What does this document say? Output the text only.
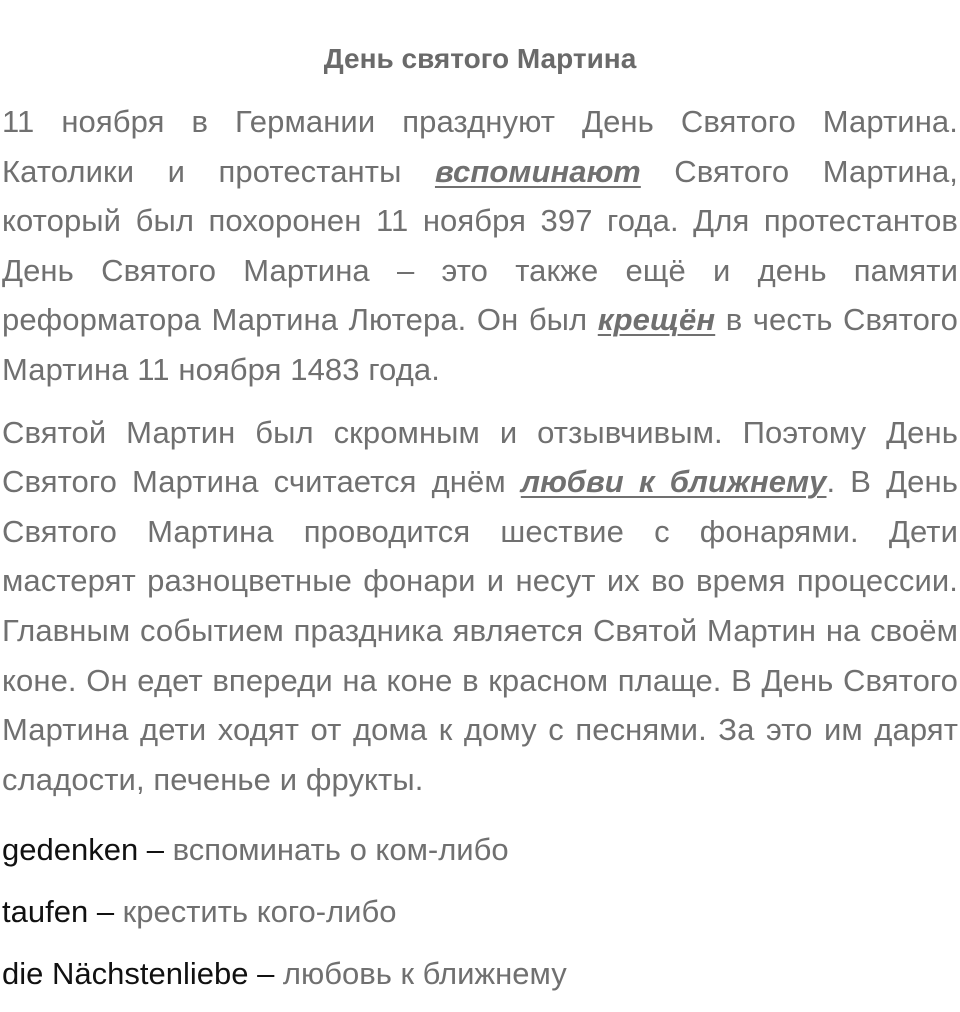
День святого Мартина

11 ноября в Германии празднуют День Святого Мартина. Католики и протестанты вспоминают Святого Мартина, который был похоронен 11 ноября 397 года. Для протестантов День Святого Мартина – это также ещё и день памяти реформатора Мартина Лютера. Он был крещён в честь Святого Мартина 11 ноября 1483 года.

Святой Мартин был скромным и отзывчивым. Поэтому День Святого Мартина считается днём любви к ближнему. В День Святого Мартина проводится шествие с фонарями. Дети мастерят разноцветные фонари и несут их во время процессии. Главным событием праздника является Святой Мартин на своём коне. Он едет впереди на коне в красном плаще. В День Святого Мартина дети ходят от дома к дому с песнями. За это им дарят сладости, печенье и фрукты.

gedenken – вспоминать о ком-либо

taufen – крестить кого-либо

die Nächstenliebe – любовь к ближнему
